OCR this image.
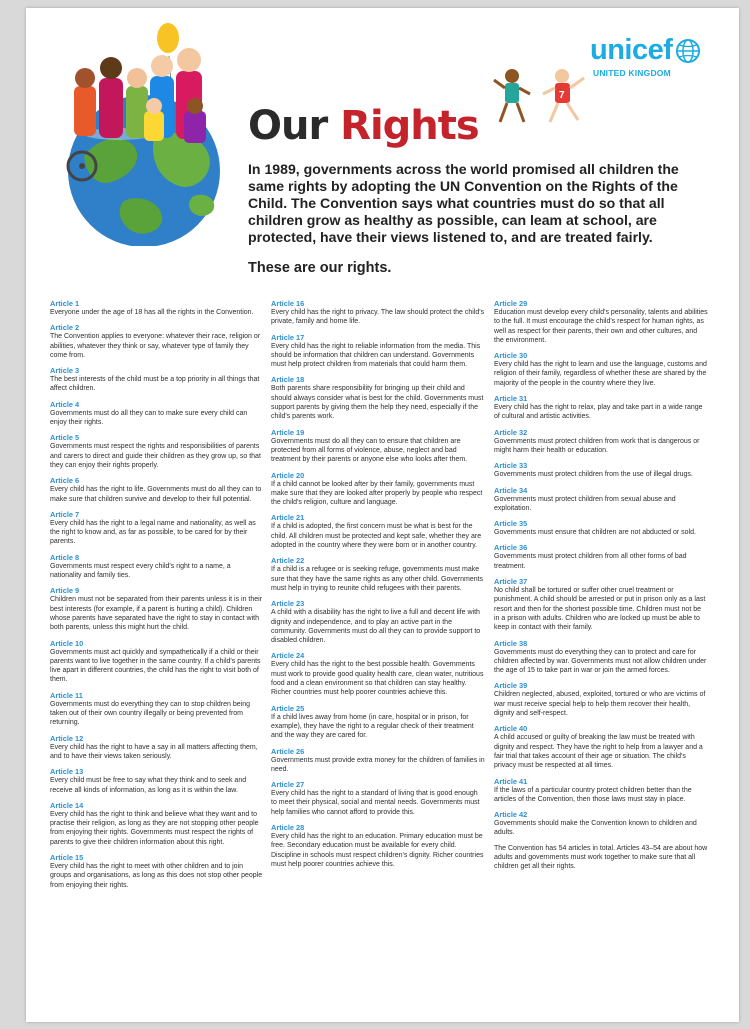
7
unicef
UNITED KINGDOM
Our Rights
In 1989, governments across the world promised all children the same rights by adopting the UN Convention on the Rights of the Child. The Convention says what countries must do so that all children grow as healthy as possible, can leam at school, are protected, have their views listened to, and are treated fairly.
These are our rights.
Article 1
Everyone under the age of 18 has all the rights in the Convention.
Article 2
The Convention applies to everyone: whatever their race, religion or abilities, whatever they think or say, whatever type of family they come from.
Article 3
The best interests of the child must be a top priority in all things that affect children.
Article 4
Governments must do all they can to make sure every child can enjoy their rights.
Article 5
Governments must respect the rights and responsibilities of parents and carers to direct and guide their children as they grow up, so that they can enjoy their rights properly.
Article 6
Every child has the right to life. Governments must do all they can to make sure that children survive and develop to their full potential.
Article 7
Every child has the right to a legal name and nationality, as well as the right to know and, as far as possible, to be cared for by their parents.
Article 8
Governments must respect every child's right to a name, a nationality and family ties.
Article 9
Children must not be separated from their parents unless it is in their best interests (for example, if a parent is hurting a child). Children whose parents have separated have the right to stay in contact with both parents, unless this might hurt the child.
Article 10
Governments must act quickly and sympathetically if a child or their parents want to live together in the same country. If a child's parents live apart in different countries, the child has the right to visit both of them.
Article 11
Governments must do everything they can to stop children being taken out of their own country illegally or being prevented from returning.
Article 12
Every child has the right to have a say in all matters affecting them, and to have their views taken seriously.
Article 13
Every child must be free to say what they think and to seek and receive all kinds of information, as long as it is within the law.
Article 14
Every child has the right to think and believe what they want and to practise their religion, as long as they are not stopping other people from enjoying their rights. Governments must respect the rights of parents to give their children information about this right.
Article 15
Every child has the right to meet with other children and to join groups and organisations, as long as this does not stop other people from enjoying their rights.
Article 16
Every child has the right to privacy. The law should protect the child's private, family and home life.
Article 17
Every child has the right to reliable information from the media. This should be information that children can understand. Governments must help protect children from materials that could harm them.
Article 18
Both parents share responsibility for bringing up their child and should always consider what is best for the child. Governments must support parents by giving them the help they need, especially if the child's parents work.
Article 19
Governments must do all they can to ensure that children are protected from all forms of violence, abuse, neglect and bad treatment by their parents or anyone else who looks after them.
Article 20
If a child cannot be looked after by their family, governments must make sure that they are looked after properly by people who respect the child's religion, culture and language.
Article 21
If a child is adopted, the first concern must be what is best for the child. All children must be protected and kept safe, whether they are adopted in the country where they were born or in another country.
Article 22
If a child is a refugee or is seeking refuge, governments must make sure that they have the same rights as any other child. Governments must help in trying to reunite child refugees with their parents.
Article 23
A child with a disability has the right to live a full and decent life with dignity and independence, and to play an active part in the community. Governments must do all they can to provide support to disabled children.
Article 24
Every child has the right to the best possible health. Governments must work to provide good quality health care, clean water, nutritious food and a clean environment so that children can stay healthy. Richer countries must help poorer countries achieve this.
Article 25
If a child lives away from home (in care, hospital or in prison, for example), they have the right to a regular check of their treatment and the way they are cared for.
Article 26
Governments must provide extra money for the children of families in need.
Article 27
Every child has the right to a standard of living that is good enough to meet their physical, social and mental needs. Governments must help families who cannot afford to provide this.
Article 28
Every child has the right to an education. Primary education must be free. Secondary education must be available for every child. Discipline in schools must respect children's dignity. Richer countries must help poorer countries achieve this.
Article 29
Education must develop every child's personality, talents and abilities to the full. It must encourage the child's respect for human rights, as well as respect for their parents, their own and other cultures, and the environment.
Article 30
Every child has the right to learn and use the language, customs and religion of their family, regardless of whether these are shared by the majority of the people in the country where they live.
Article 31
Every child has the right to relax, play and take part in a wide range of cultural and artistic activities.
Article 32
Governments must protect children from work that is dangerous or might harm their health or education.
Article 33
Governments must protect children from the use of illegal drugs.
Article 34
Governments must protect children from sexual abuse and exploitation.
Article 35
Governments must ensure that children are not abducted or sold.
Article 36
Governments must protect children from all other forms of bad treatment.
Article 37
No child shall be tortured or suffer other cruel treatment or punishment. A child should be arrested or put in prison only as a last resort and then for the shortest possible time. Children must not be in a prison with adults. Children who are locked up must be able to keep in contact with their family.
Article 38
Governments must do everything they can to protect and care for children affected by war. Governments must not allow children under the age of 15 to take part in war or join the armed forces.
Article 39
Children neglected, abused, exploited, tortured or who are victims of war must receive special help to help them recover their health, dignity and self-respect.
Article 40
A child accused or guilty of breaking the law must be treated with dignity and respect. They have the right to help from a lawyer and a fair trial that takes account of their age or situation. The child's privacy must be respected at all times.
Article 41
If the laws of a particular country protect children better than the articles of the Convention, then those laws must stay in place.
Article 42
Governments should make the Convention known to children and adults.
The Convention has 54 articles in total. Articles 43–54 are about how adults and governments must work together to make sure that all children get all their rights.
